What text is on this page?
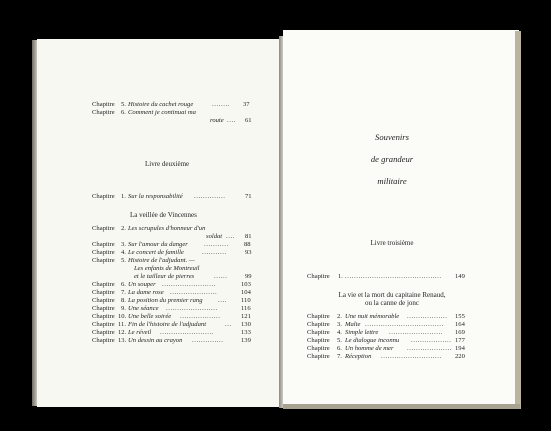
Chapitre 5. Histoire du cachet rouge	........ 37
Chapitre 6. Comment je continuai ma
route .... 61
Livre deuxième
Chapitre 1. Sur la responsabilité ..............	71
La veillée de Vincennes
Chapitre 2. Les scrupules d'honneur d'un
soldat .... 81
Chapitre 3. Sur l'amour du danger ........... 88
Chapitre 4. Le concert de famille	...........	93
Chapitre 5. Histoire de l'adjudant. —
Les enfants de Montreuil
et le tailleur de pierres	......	99
Chapitre 6. Un souper ........................	103
Chapitre 7. La dame rose .....................	104
Chapitre 8. La position du premier rang .... 110
Chapitre 9. Une séance .......................	116
Chapitre 10. Une belle soirée ..................	121
Chapitre 11. Fin de l'histoire de l'adjudant	... 130
Chapitre 12. Le réveil ........................	133
Chapitre 13. Un dessin au crayon ..............	139
Souvenirs
de grandeur
militaire
Livre troisième
Chapitre 1. ........................................... 149
La vie et la mort du capitaine Renaud,
ou la canne de jonc
Chapitre 2. Une nuit mémorable .................. 155
Chapitre 3. Malte ................................... 164
Chapitre 4. Simple lettre ........................ 169
Chapitre 5. Le dialogue inconnu .................. 177
Chapitre 6. Un homme de mer .................... 194
Chapitre 7. Réception ........................... 220
